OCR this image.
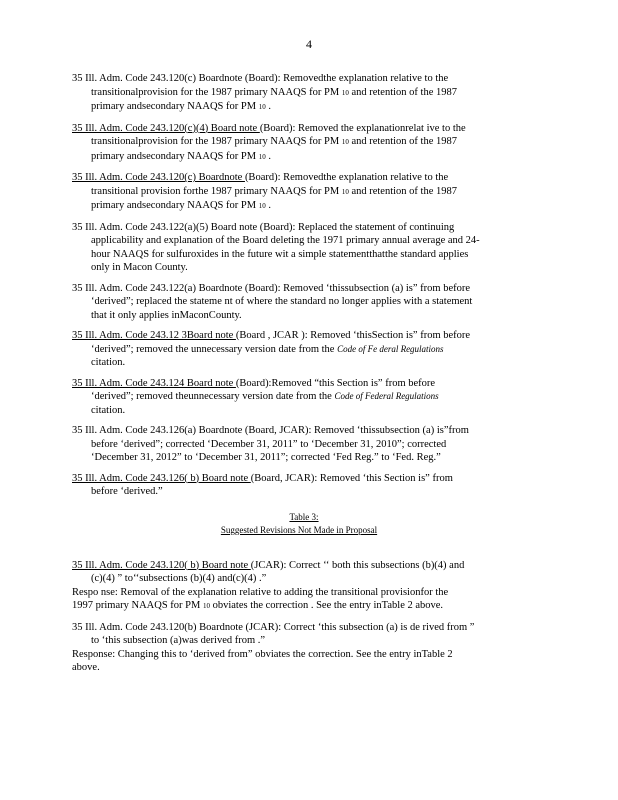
4
35 Ill. Adm. Code 243.120(c) Boardnote (Board): Removedthe explanation relative to the
transitionalprovision for the 1987 primary NAAQS for PM 10 and retention of the 1987
primary andsecondary NAAQS for PM 10 .
35 Ill. Adm. Code 243.120(c)(4) Board note (Board): Removed the explanationrelat ive to the
transitionalprovision for the 1987 primary NAAQS for PM 10 and retention of the 1987
primary andsecondary NAAQS for PM 10 .
35 Ill. Adm. Code 243.120(c) Boardnote (Board): Removedthe explanation relative to the
transitional provision forthe 1987 primary NAAQS for PM 10 and retention of the 1987
primary andsecondary NAAQS for PM 10 .
35 Ill. Adm. Code 243.122(a)(5) Board note (Board): Replaced the statement of continuing
applicability and explanation of the Board deleting the 1971 primary annual average and 24-
hour NAAQS for sulfuroxides in the future wit a simple statementthatthe standard applies
only in Macon County.
35 Ill. Adm. Code 243.122(a) Boardnote (Board): Removed ‘thissubsection (a) is” from before
‘derived”; replaced the stateme nt of where the standard no longer applies with a statement
that it only applies inMaconCounty.
35 Ill. Adm. Code 243.12 3Board note (Board , JCAR ): Removed ‘thisSection is” from before
‘derived”; removed the unnecessary version date from the Code of Fe deral Regulations
citation.
35 Ill. Adm. Code 243.124 Board note (Board):Removed “this Section is” from before
‘derived”; removed theunnecessary version date from the Code of Federal Regulations
citation.
35 Ill. Adm. Code 243.126(a) Boardnote (Board, JCAR): Removed ‘thissubsection (a) is”from
before ‘derived”; corrected ‘December 31, 2011” to ‘December 31, 2010”; corrected
‘December 31, 2012” to ‘December 31, 2011”; corrected ‘Fed Reg.” to ‘Fed. Reg.”
35 Ill. Adm. Code 243.126( b) Board note (Board, JCAR): Removed ‘this Section is” from
before ‘derived.”
Table 3:
Suggested Revisions Not Made in Proposal
35 Ill. Adm. Code 243.120( b) Board note (JCAR): Correct ‘‘ both this subsections (b)(4) and
(c)(4) ” to‘‘subsections (b)(4) and(c)(4) .”
Respo nse: Removal of the explanation relative to adding the transitional provisionfor the
1997 primary NAAQS for PM 10 obviates the correction . See the entry inTable 2 above.
35 Ill. Adm. Code 243.120(b) Boardnote (JCAR): Correct ‘this subsection (a) is de rived from ”
to ‘this subsection (a)was derived from .”
Response: Changing this to ‘derived from” obviates the correction. See the entry inTable 2
above.
